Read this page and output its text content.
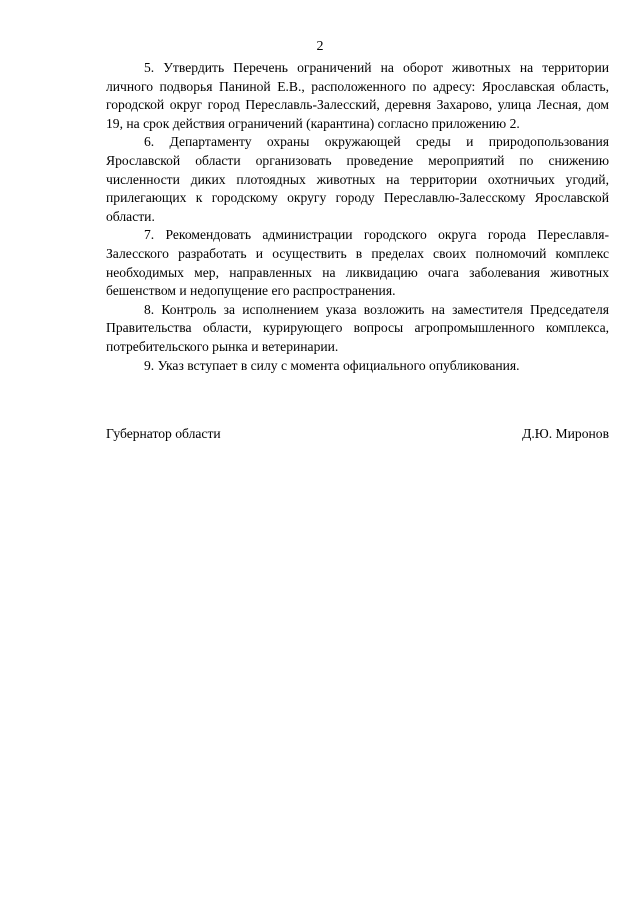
2

5. Утвердить Перечень ограничений на оборот животных на территории личного подворья Паниной Е.В., расположенного по адресу: Ярославская область, городской округ город Переславль-Залесский, деревня Захарово, улица Лесная, дом 19, на срок действия ограничений (карантина) согласно приложению 2.

6. Департаменту охраны окружающей среды и природопользования Ярославской области организовать проведение мероприятий по снижению численности диких плотоядных животных на территории охотничьих угодий, прилегающих к городскому округу городу Переславлю-Залесскому Ярославской области.

7. Рекомендовать администрации городского округа города Переславля-Залесского разработать и осуществить в пределах своих полномочий комплекс необходимых мер, направленных на ликвидацию очага заболевания животных бешенством и недопущение его распространения.

8. Контроль за исполнением указа возложить на заместителя Председателя Правительства области, курирующего вопросы агропромышленного комплекса, потребительского рынка и ветеринарии.

9. Указ вступает в силу с момента официального опубликования.

Губернатор области	Д.Ю. Миронов
